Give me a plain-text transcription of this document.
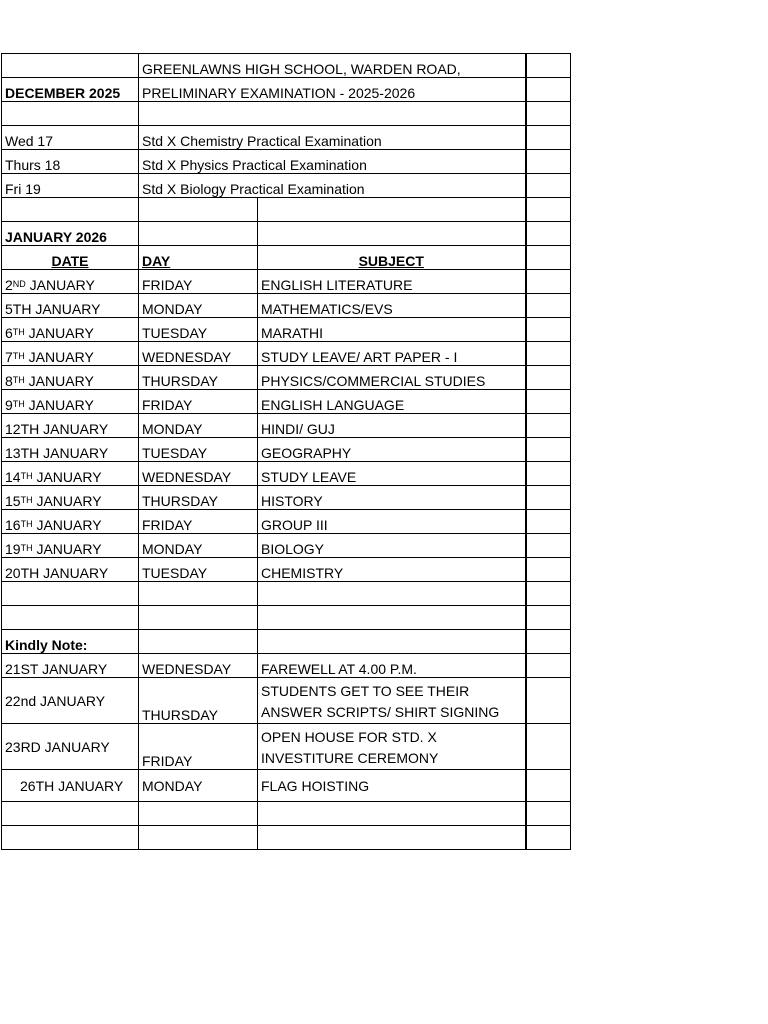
	GREENLAWNS HIGH SCHOOL, WARDEN ROAD,		
DECEMBER 2025	PRELIMINARY EXAMINATION - 2025-2026		

Wed 17	Std X Chemistry Practical Examination		
Thurs 18	Std X Physics Practical Examination		
Fri 19	Std X Biology Practical Examination		

JANUARY 2026			
DATE	DAY	SUBJECT	
2ND JANUARY	FRIDAY	ENGLISH LITERATURE	
5TH JANUARY	MONDAY	MATHEMATICS/EVS	
6TH JANUARY	TUESDAY	MARATHI	
7TH JANUARY	WEDNESDAY	STUDY LEAVE/ ART PAPER - I	
8TH JANUARY	THURSDAY	PHYSICS/COMMERCIAL STUDIES	
9TH JANUARY	FRIDAY	ENGLISH LANGUAGE	
12TH JANUARY	MONDAY	HINDI/ GUJ	
13TH JANUARY	TUESDAY	GEOGRAPHY	
14TH JANUARY	WEDNESDAY	STUDY LEAVE	
15TH JANUARY	THURSDAY	HISTORY	
16TH JANUARY	FRIDAY	GROUP III	
19TH JANUARY	MONDAY	BIOLOGY	
20TH JANUARY	TUESDAY	CHEMISTRY	

Kindly Note:			
21ST JANUARY	WEDNESDAY	FAREWELL AT 4.00 P.M.	
22nd JANUARY	THURSDAY	STUDENTS GET TO SEE THEIR ANSWER SCRIPTS/ SHIRT SIGNING	
23RD JANUARY	FRIDAY	OPEN HOUSE FOR STD. X INVESTITURE CEREMONY	
26TH JANUARY	MONDAY	FLAG HOISTING	
